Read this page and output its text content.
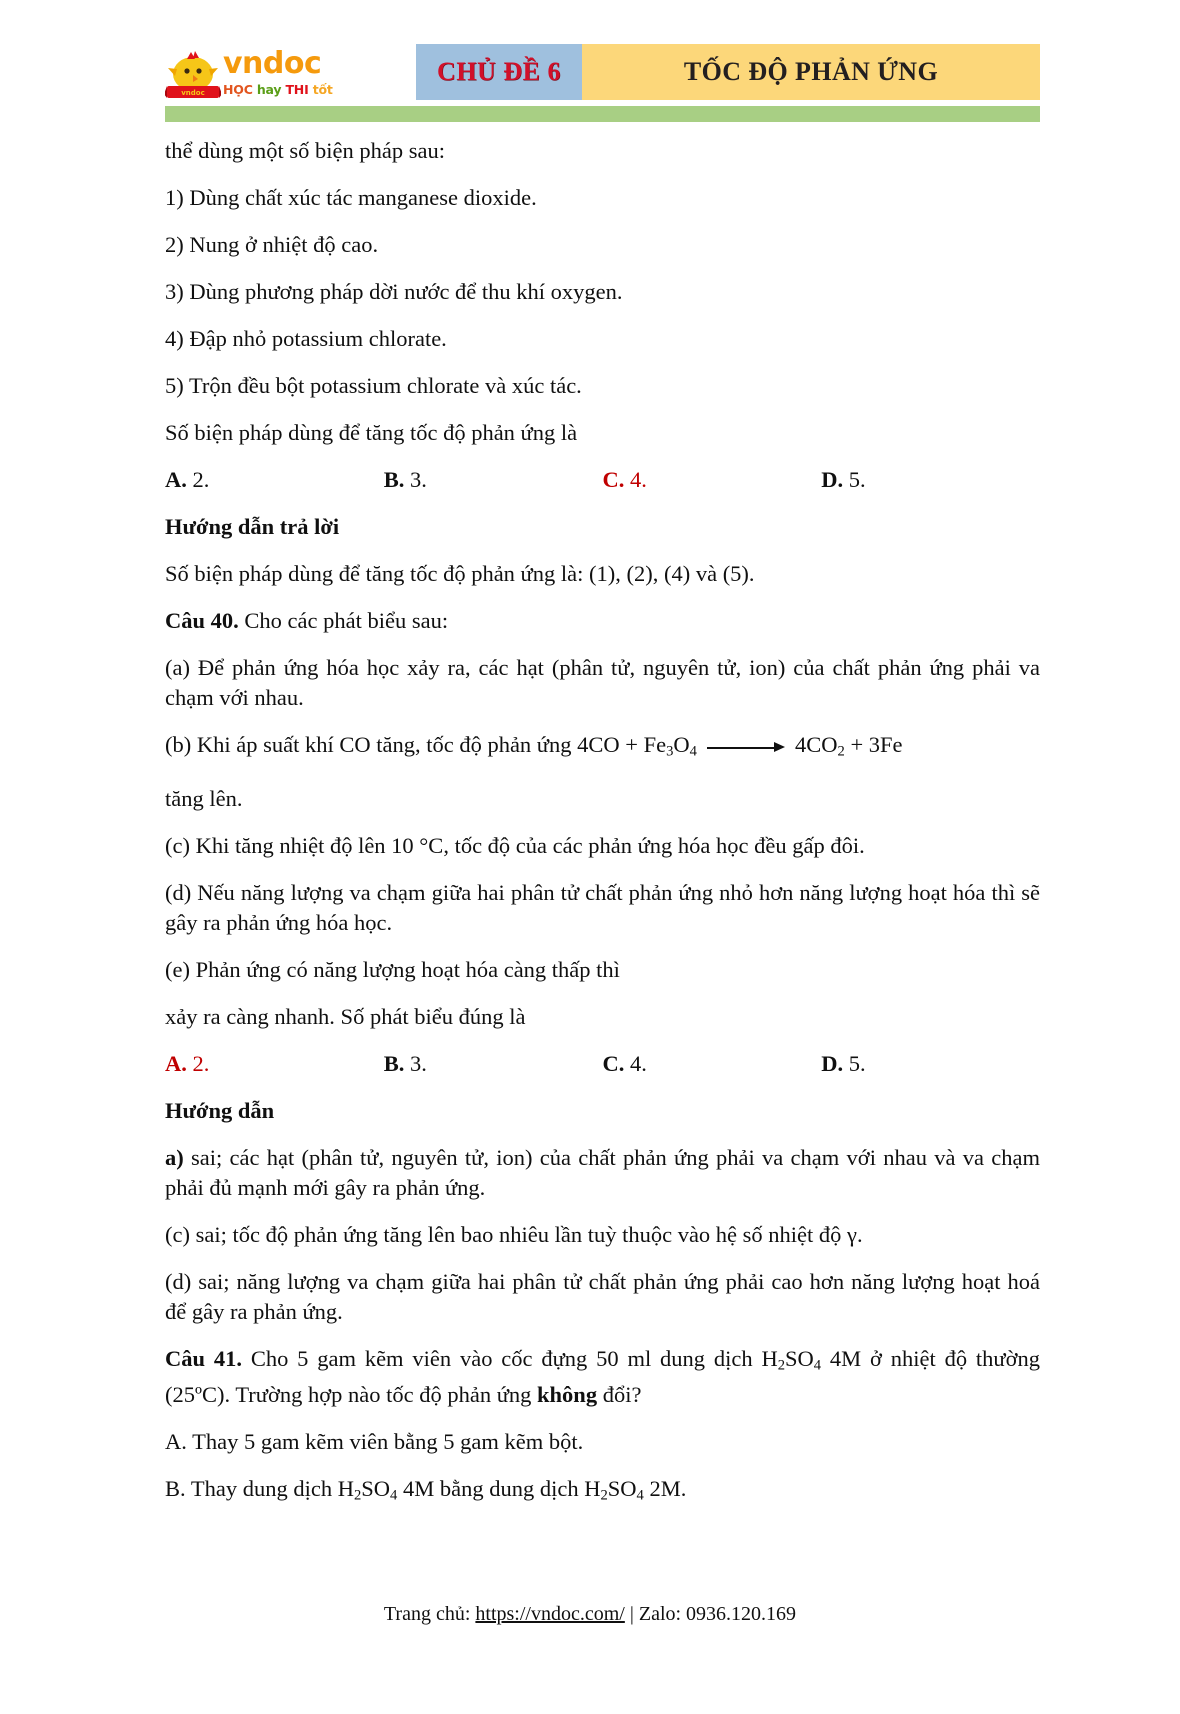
vndoc
vndoc
HỌC hay THI tốt
CHỦ ĐỀ 6	TỐC ĐỘ PHẢN ỨNG

thể dùng một số biện pháp sau:

1) Dùng chất xúc tác manganese dioxide.

2) Nung ở nhiệt độ cao.

3) Dùng phương pháp dời nước để thu khí oxygen.

4) Đập nhỏ potassium chlorate.

5) Trộn đều bột potassium chlorate và xúc tác.

Số biện pháp dùng để tăng tốc độ phản ứng là

A. 2.	B. 3.	C. 4.	D. 5.

Hướng dẫn trả lời

Số biện pháp dùng để tăng tốc độ phản ứng là: (1), (2), (4) và (5).

Câu 40. Cho các phát biểu sau:

(a) Để phản ứng hóa học xảy ra, các hạt (phân tử, nguyên tử, ion) của chất phản ứng phải va chạm với nhau.

(b) Khi áp suất khí CO tăng, tốc độ phản ứng $4CO + Fe_3O_4$	$4CO_2 + 3Fe$

tăng lên.

(c) Khi tăng nhiệt độ lên 10 °C, tốc độ của các phản ứng hóa học đều gấp đôi.

(d) Nếu năng lượng va chạm giữa hai phân tử chất phản ứng nhỏ hơn năng lượng hoạt hóa thì sẽ gây ra phản ứng hóa học.

(e) Phản ứng có năng lượng hoạt hóa càng thấp thì

xảy ra càng nhanh. Số phát biểu đúng là

A. 2.	B. 3.	C. 4.	D. 5.

Hướng dẫn

a) sai; các hạt (phân tử, nguyên tử, ion) của chất phản ứng phải va chạm với nhau và va chạm phải đủ mạnh mới gây ra phản ứng.

(c) sai; tốc độ phản ứng tăng lên bao nhiêu lần tuỳ thuộc vào hệ số nhiệt độ γ.

(d) sai; năng lượng va chạm giữa hai phân tử chất phản ứng phải cao hơn năng lượng hoạt hoá để gây ra phản ứng.

Câu 41. Cho 5 gam kẽm viên vào cốc đựng 50 ml dung dịch $H_2SO_4$ 4M ở nhiệt độ thường (25ºC). Trường hợp nào tốc độ phản ứng không đổi?

A. Thay 5 gam kẽm viên bằng 5 gam kẽm bột.

B. Thay dung dịch $H_2SO_4$ 4M bằng dung dịch $H_2SO_4$ 2M.

Trang chủ: https://vndoc.com/ | Zalo: 0936.120.169
